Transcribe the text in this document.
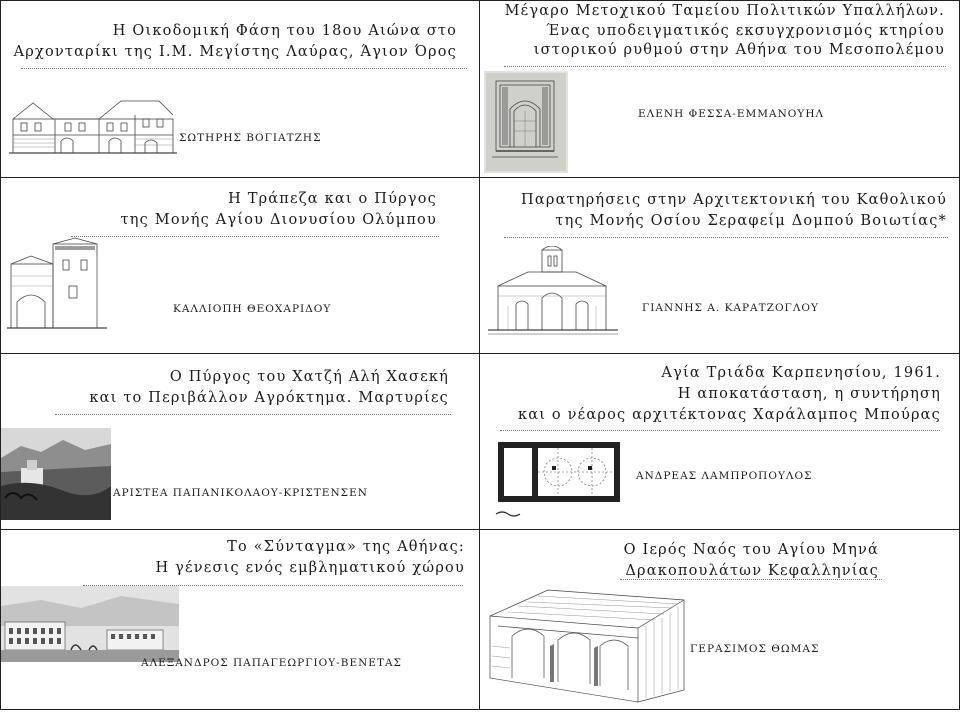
Η Οικοδομική Φάση του 18ου Αιώνα στο
Αρχονταρίκι της Ι.Μ. Μεγίστης Λαύρας, Άγιον Όρος
ΣΩΤΗΡΗΣ ΒΟΓΙΑΤΖΗΣ
Μέγαρο Μετοχικού Ταμείου Πολιτικών Υπαλλήλων.
Ένας υποδειγματικός εκσυγχρονισμός κτηρίου
ιστορικού ρυθμού στην Αθήνα του Μεσοπολέμου
ΕΛΕΝΗ ΦΕΣΣΑ-ΕΜΜΑΝΟΥΗΛ
Η Τράπεζα και ο Πύργος
της Μονής Αγίου Διονυσίου Ολύμπου
ΚΑΛΛΙΟΠΗ ΘΕΟΧΑΡΙΔΟΥ
Παρατηρήσεις στην Αρχιτεκτονική του Καθολικού
της Μονής Οσίου Σεραφείμ Δομπού Βοιωτίας*
ΓΙΑΝΝΗΣ Α. ΚΑΡΑΤΖΟΓΛΟΥ
Ο Πύργος του Χατζή Αλή Χασεκή
και το Περιβάλλον Αγρόκτημα. Μαρτυρίες
ΑΡΙΣΤΕΑ ΠΑΠΑΝΙΚΟΛΑΟΥ-ΚΡΙΣΤΕΝΣΕΝ
Αγία Τριάδα Καρπενησίου, 1961.
Η αποκατάσταση, η συντήρηση
και ο νέαρος αρχιτέκτονας Χαράλαμπος Μπούρας
ΑΝΔΡΕΑΣ ΛΑΜΠΡΟΠΟΥΛΟΣ
Το «Σύνταγμα» της Αθήνας:
Η γένεσις ενός εμβληματικού χώρου
ΑΛΕΞΑΝΔΡΟΣ ΠΑΠΑΓΕΩΡΓΙΟΥ-ΒΕΝΕΤΑΣ
Ο Ιερός Ναός του Αγίου Μηνά
Δρακοπουλάτων Κεφαλληνίας
ΓΕΡΑΣΙΜΟΣ ΘΩΜΑΣ
